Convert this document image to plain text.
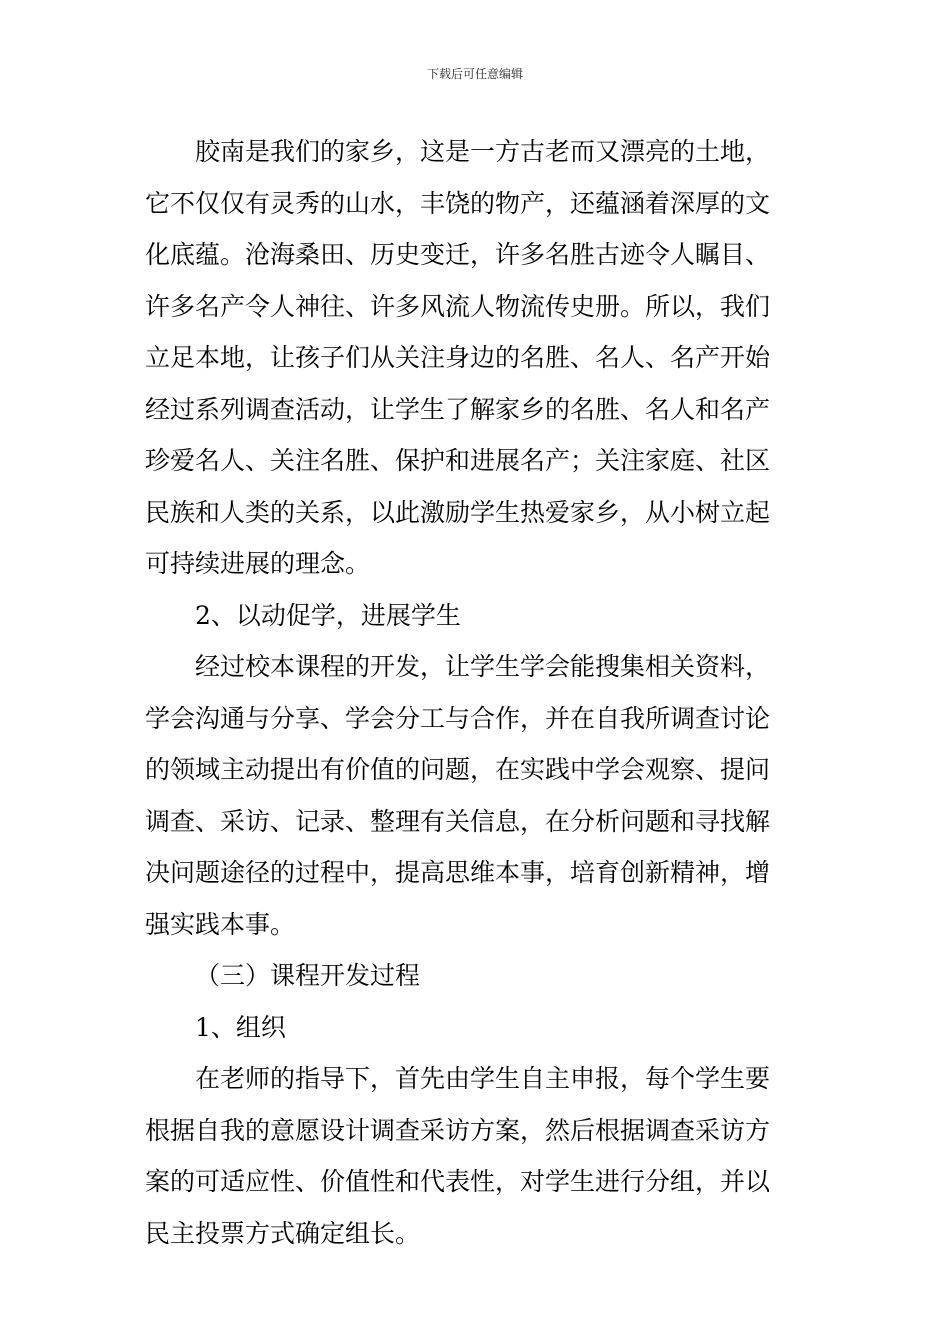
下载后可任意编辑
胶南是我们的家乡，这是一方古老而又漂亮的土地，
它不仅仅有灵秀的山水，丰饶的物产，还蕴涵着深厚的文
化底蕴。沧海桑田、历史变迁，许多名胜古迹令人瞩目、
许多名产令人神往、许多风流人物流传史册。所以，我们
立足本地，让孩子们从关注身边的名胜、名人、名产开始
经过系列调查活动，让学生了解家乡的名胜、名人和名产
珍爱名人、关注名胜、保护和进展名产；关注家庭、社区
民族和人类的关系，以此激励学生热爱家乡，从小树立起
可持续进展的理念。
2、以动促学，进展学生
经过校本课程的开发，让学生学会能搜集相关资料，
学会沟通与分享、学会分工与合作，并在自我所调查讨论
的领域主动提出有价值的问题，在实践中学会观察、提问
调查、采访、记录、整理有关信息，在分析问题和寻找解
决问题途径的过程中，提高思维本事，培育创新精神，增
强实践本事。
（三）课程开发过程
1、组织
在老师的指导下，首先由学生自主申报，每个学生要
根据自我的意愿设计调查采访方案，然后根据调查采访方
案的可适应性、价值性和代表性，对学生进行分组，并以
民主投票方式确定组长。
